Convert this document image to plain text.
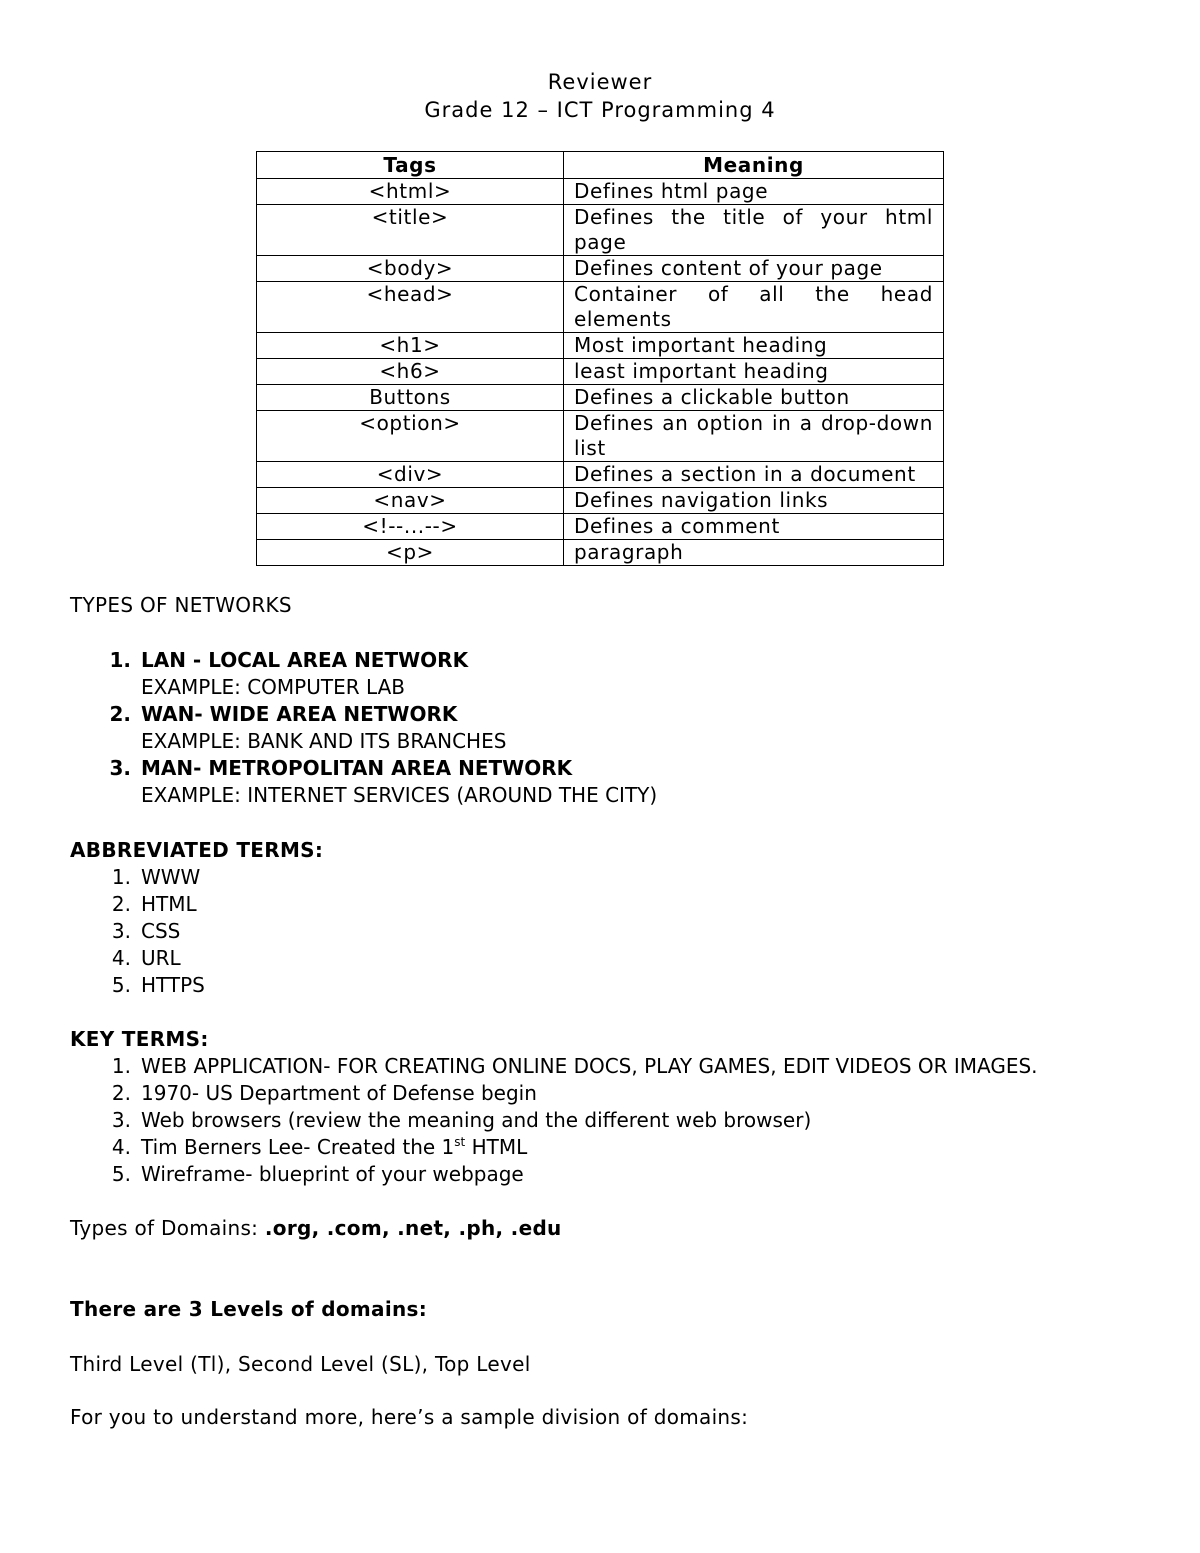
Reviewer
Grade 12 – ICT Programming 4
Tags	Meaning
<html>	Defines html page
<title>	Defines the title of your html page
<body>	Defines content of your page
<head>	Container of all the head elements
<h1>	Most important heading
<h6>	least important heading
Buttons	Defines a clickable button
<option>	Defines an option in a drop-down list
<div>	Defines a section in a document
<nav>	Defines navigation links
<!--...-->	Defines a comment
<p>	paragraph
TYPES OF NETWORKS
1. LAN - LOCAL AREA NETWORK
EXAMPLE: COMPUTER LAB
2. WAN- WIDE AREA NETWORK
EXAMPLE: BANK AND ITS BRANCHES
3. MAN- METROPOLITAN AREA NETWORK
EXAMPLE: INTERNET SERVICES (AROUND THE CITY)
ABBREVIATED TERMS:
1. WWW
2. HTML
3. CSS
4. URL
5. HTTPS
KEY TERMS:
1. WEB APPLICATION- FOR CREATING ONLINE DOCS, PLAY GAMES, EDIT VIDEOS OR IMAGES.
2. 1970- US Department of Defense begin
3. Web browsers (review the meaning and the different web browser)
4. Tim Berners Lee- Created the 1st HTML
5. Wireframe- blueprint of your webpage
Types of Domains: .org, .com, .net, .ph, .edu
There are 3 Levels of domains:
Third Level (Tl), Second Level (SL), Top Level
For you to understand more, here’s a sample division of domains:
